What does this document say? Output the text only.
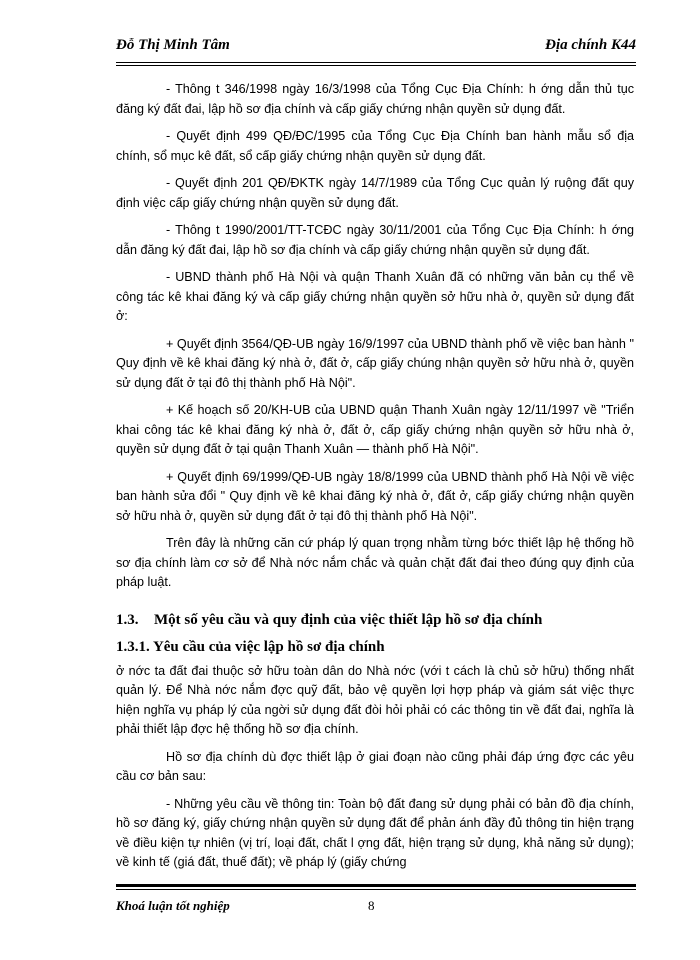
Đỗ Thị Minh Tâm	Địa chính K44

- Thông t 346/1998 ngày 16/3/1998 của Tổng Cục Địa Chính: h ớng dẫn thủ tục đăng ký đất đai, lập hồ sơ địa chính và cấp giấy chứng nhận quyền sử dụng đất.

- Quyết định 499 QĐ/ĐC/1995 của Tổng Cục Địa Chính ban hành mẫu sổ địa chính, sổ mục kê đất, sổ cấp giấy chứng nhận quyền sử dụng đất.

- Quyết định 201 QĐ/ĐKTK ngày 14/7/1989 của Tổng Cục quản lý ruộng đất quy định việc cấp giấy chứng nhận quyền sử dụng đất.

- Thông t 1990/2001/TT-TCĐC ngày 30/11/2001 của Tổng Cục Địa Chính: h ớng dẫn đăng ký đất đai, lập hồ sơ địa chính và cấp giấy chứng nhận quyền sử dụng đất.

- UBND thành phố Hà Nội và quận Thanh Xuân đã có những văn bản cụ thể về công tác kê khai đăng ký và cấp giấy chứng nhận quyền sở hữu nhà ở, quyền sử dụng đất ở:

+ Quyết định 3564/QĐ-UB ngày 16/9/1997 của UBND thành phố về việc ban hành " Quy định về kê khai đăng ký nhà ở, đất ở, cấp giấy chúng nhận quyền sở hữu nhà ở, quyền sử dụng đất ở tại đô thị thành phố Hà Nội".

+ Kế hoạch số 20/KH-UB của UBND quận Thanh Xuân ngày 12/11/1997 về "Triển khai công tác kê khai đăng ký nhà ở, đất ở, cấp giấy chứng nhận quyền sở hữu nhà ở, quyền sử dụng đất ở tại quận Thanh Xuân — thành phố Hà Nội".

+ Quyết định 69/1999/QĐ-UB ngày 18/8/1999 của UBND thành phố Hà Nội về việc ban hành sửa đổi " Quy định về kê khai đăng ký nhà ở, đất ở, cấp giấy chứng nhận quyền sở hữu nhà ở, quyền sử dụng đất ở tại đô thị thành phố Hà Nội".

Trên đây là những căn cứ pháp lý quan trọng nhằm từng bớc thiết lập hệ thống hồ sơ địa chính làm cơ sở để Nhà nớc nắm chắc và quản chặt đất đai theo đúng quy định của pháp luật.

1.3. Một số yêu cầu và quy định của việc thiết lập hồ sơ địa chính
1.3.1. Yêu cầu của việc lập hồ sơ địa chính

ở nớc ta đất đai thuộc sở hữu toàn dân do Nhà nớc (với t cách là chủ sở hữu) thống nhất quản lý. Để Nhà nớc nắm đợc quỹ đất, bảo vệ quyền lợi hợp pháp và giám sát việc thực hiện nghĩa vụ pháp lý của ngời sử dụng đất đòi hỏi phải có các thông tin về đất đai, nghĩa là phải thiết lập đợc hệ thống hồ sơ địa chính.

Hồ sơ địa chính dù đợc thiết lập ở giai đoạn nào cũng phải đáp ứng đợc các yêu cầu cơ bản sau:

- Những yêu cầu về thông tin: Toàn bộ đất đang sử dụng phải có bản đồ địa chính, hồ sơ đăng ký, giấy chứng nhận quyền sử dụng đất để phản ánh đầy đủ thông tin hiện trạng về điều kiện tự nhiên (vị trí, loại đất, chất l ợng đất, hiện trạng sử dụng, khả năng sử dụng); về kinh tế (giá đất, thuế đất); về pháp lý (giấy chứng

Khoá luận tốt nghiệp	8
